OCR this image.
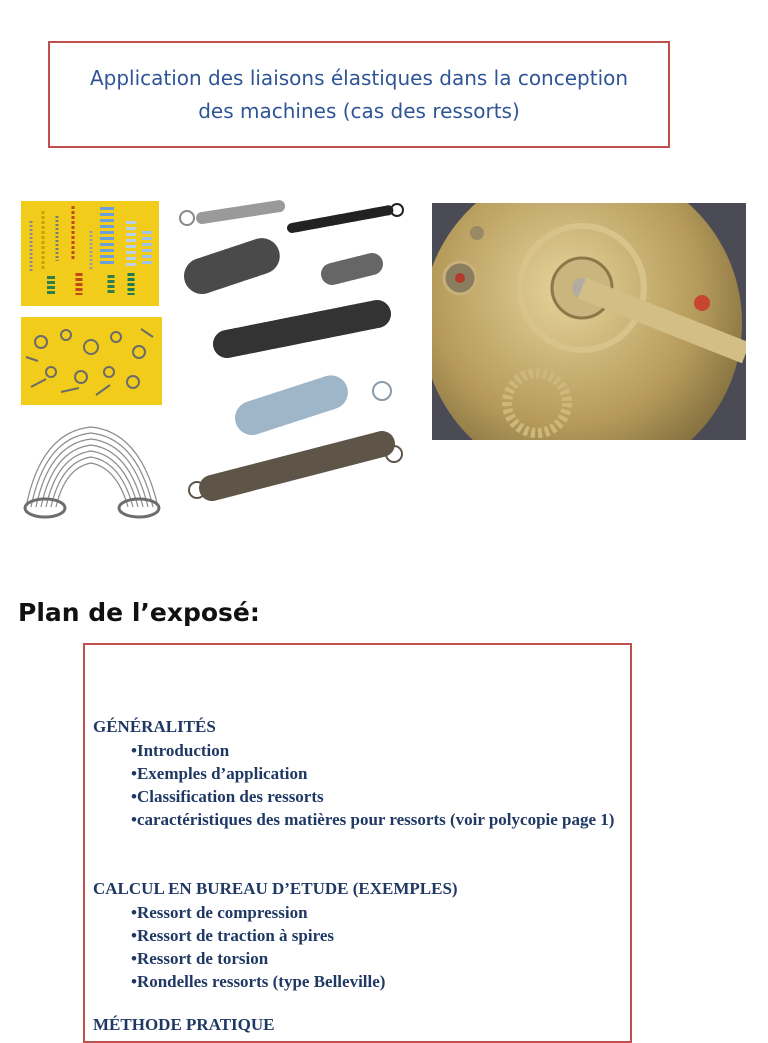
Application des liaisons élastiques dans la conception
des machines (cas des ressorts)
Plan de l’exposé:
GÉNÉRALITÉS
•Introduction
•Exemples d’application
•Classification des ressorts
•caractéristiques des matières pour ressorts (voir polycopie page 1)
CALCUL EN BUREAU D’ETUDE (EXEMPLES)
•Ressort de compression
•Ressort de traction à spires
•Ressort de torsion
•Rondelles ressorts (type Belleville)
MÉTHODE PRATIQUE
